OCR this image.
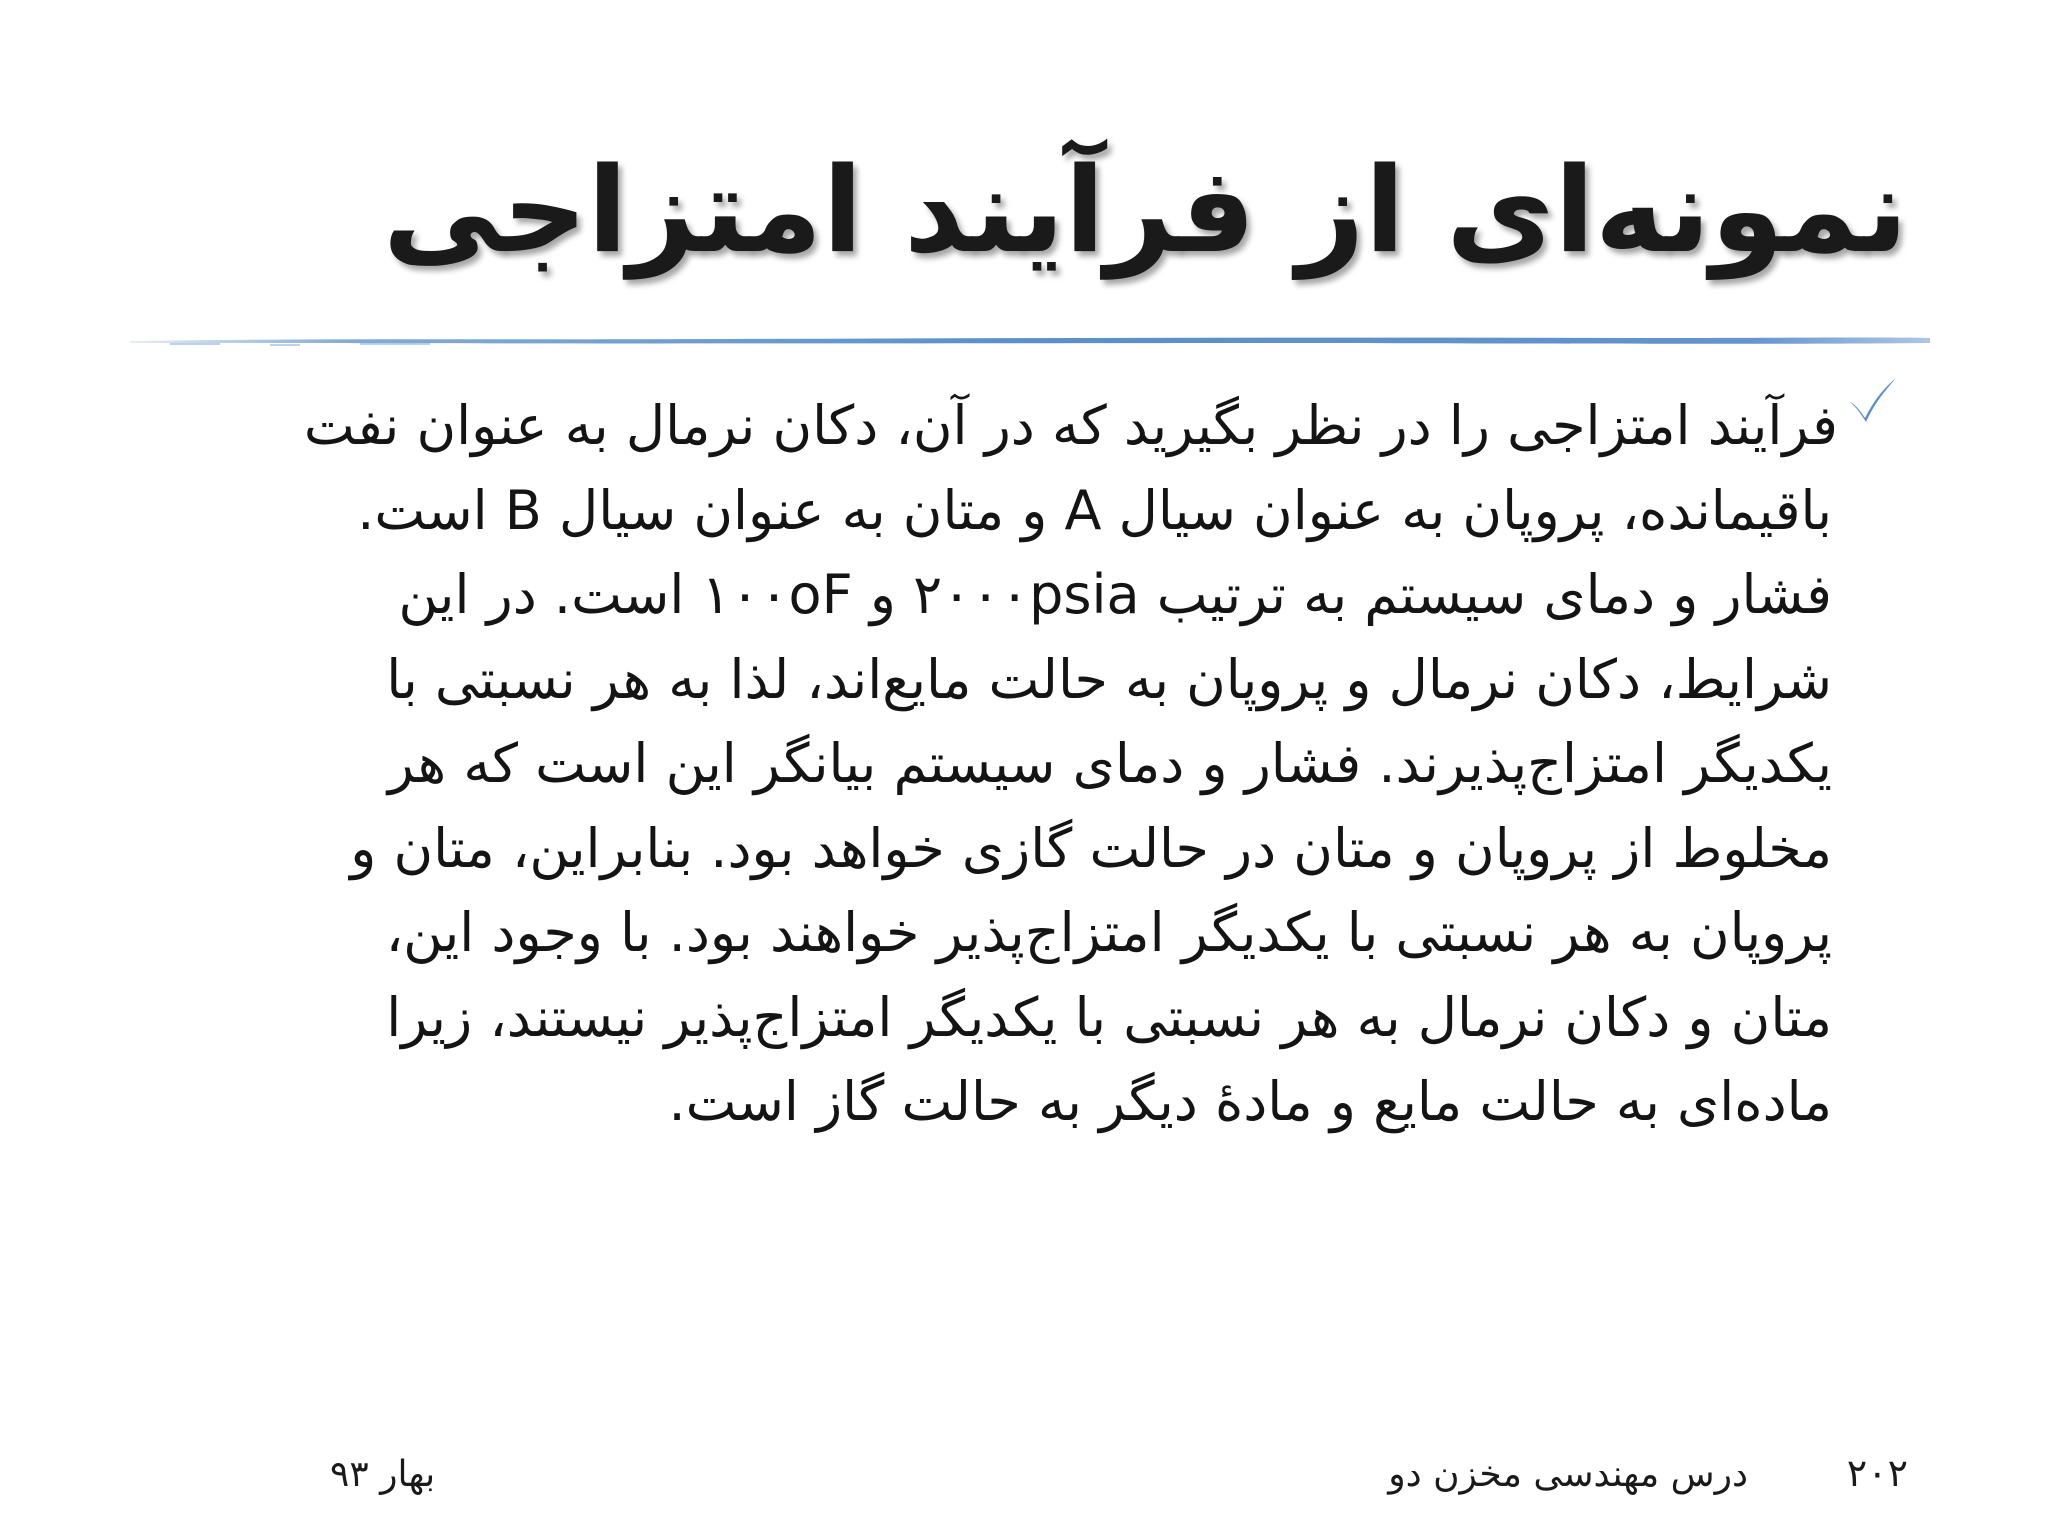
نمونه‌ای از فرآیند امتزاجی
فرآیند امتزاجی را در نظر بگیرید که در آن، دکان نرمال به عنوان نفت
باقیمانده، پروپان به عنوان سیال A و متان به عنوان سیال B است.
فشار و دمای سیستم به ترتیب ۲۰۰۰psia و ۱۰۰oF است. در این
شرایط، دکان نرمال و پروپان به حالت مایع‌اند، لذا به هر نسبتی با
یکدیگر امتزاج‌پذیرند. فشار و دمای سیستم بیانگر این است که هر
مخلوط از پروپان و متان در حالت گازی خواهد بود. بنابراین، متان و
پروپان به هر نسبتی با یکدیگر امتزاج‌پذیر خواهند بود. با وجود این،
متان و دکان نرمال به هر نسبتی با یکدیگر امتزاج‌پذیر نیستند، زیرا
ماده‌ای به حالت مایع و مادهٔ دیگر به حالت گاز است.
۲۰۲
درس مهندسی مخزن دو
بهار ۹۳
